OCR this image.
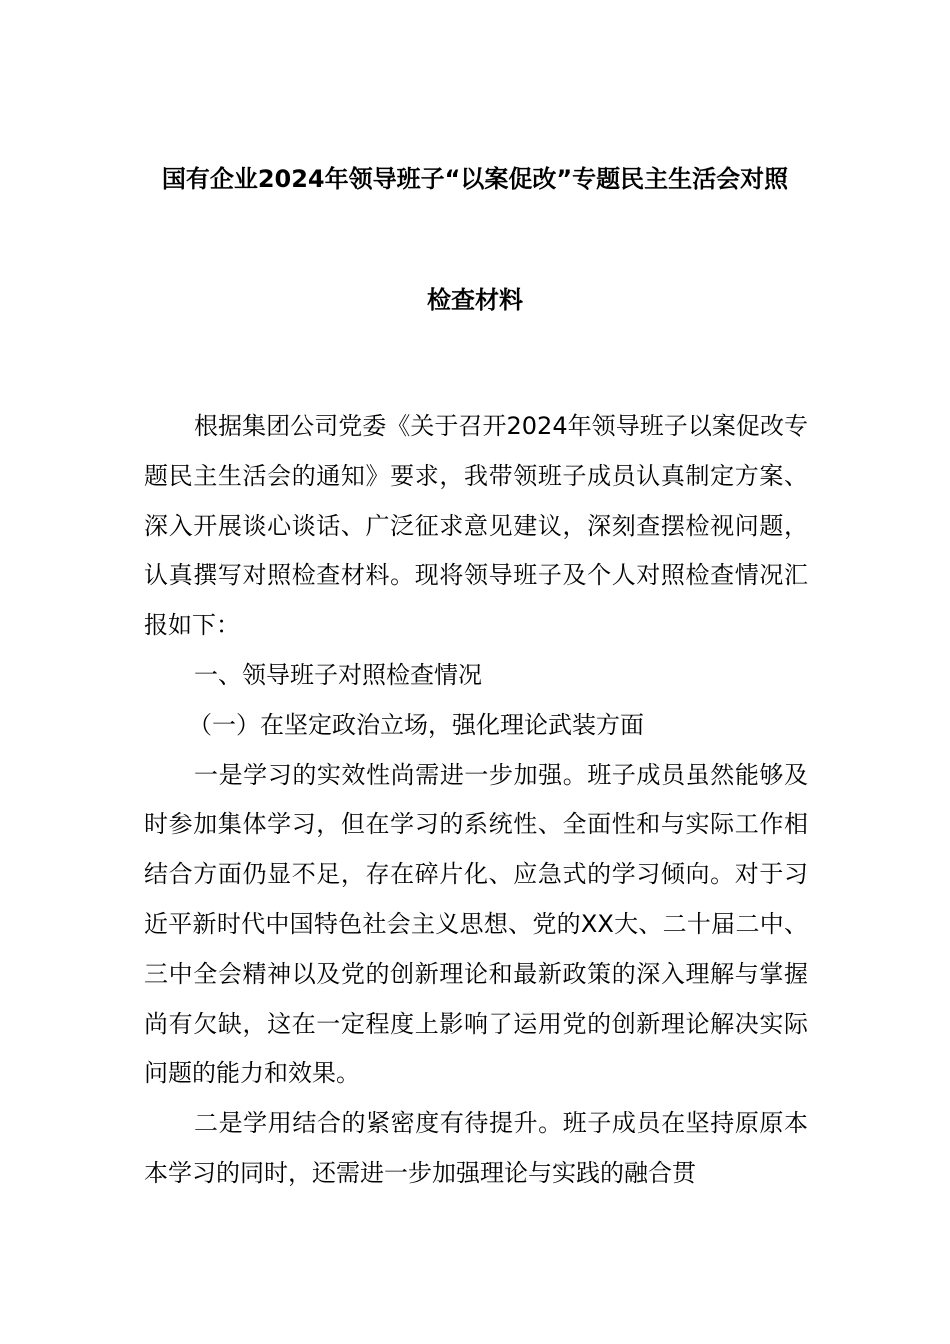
国有企业2024年领导班子“以案促改”专题民主生活会对照
检查材料

根据集团公司党委《关于召开2024年领导班子以案促改专题民主生活会的通知》要求，我带领班子成员认真制定方案、深入开展谈心谈话、广泛征求意见建议，深刻查摆检视问题，认真撰写对照检查材料。现将领导班子及个人对照检查情况汇报如下：

一、领导班子对照检查情况

（一）在坚定政治立场，强化理论武装方面

一是学习的实效性尚需进一步加强。班子成员虽然能够及时参加集体学习，但在学习的系统性、全面性和与实际工作相结合方面仍显不足，存在碎片化、应急式的学习倾向。对于习近平新时代中国特色社会主义思想、党的XX大、二十届二中、三中全会精神以及党的创新理论和最新政策的深入理解与掌握尚有欠缺，这在一定程度上影响了运用党的创新理论解决实际问题的能力和效果。

二是学用结合的紧密度有待提升。班子成员在坚持原原本本学习的同时，还需进一步加强理论与实践的融合贯
